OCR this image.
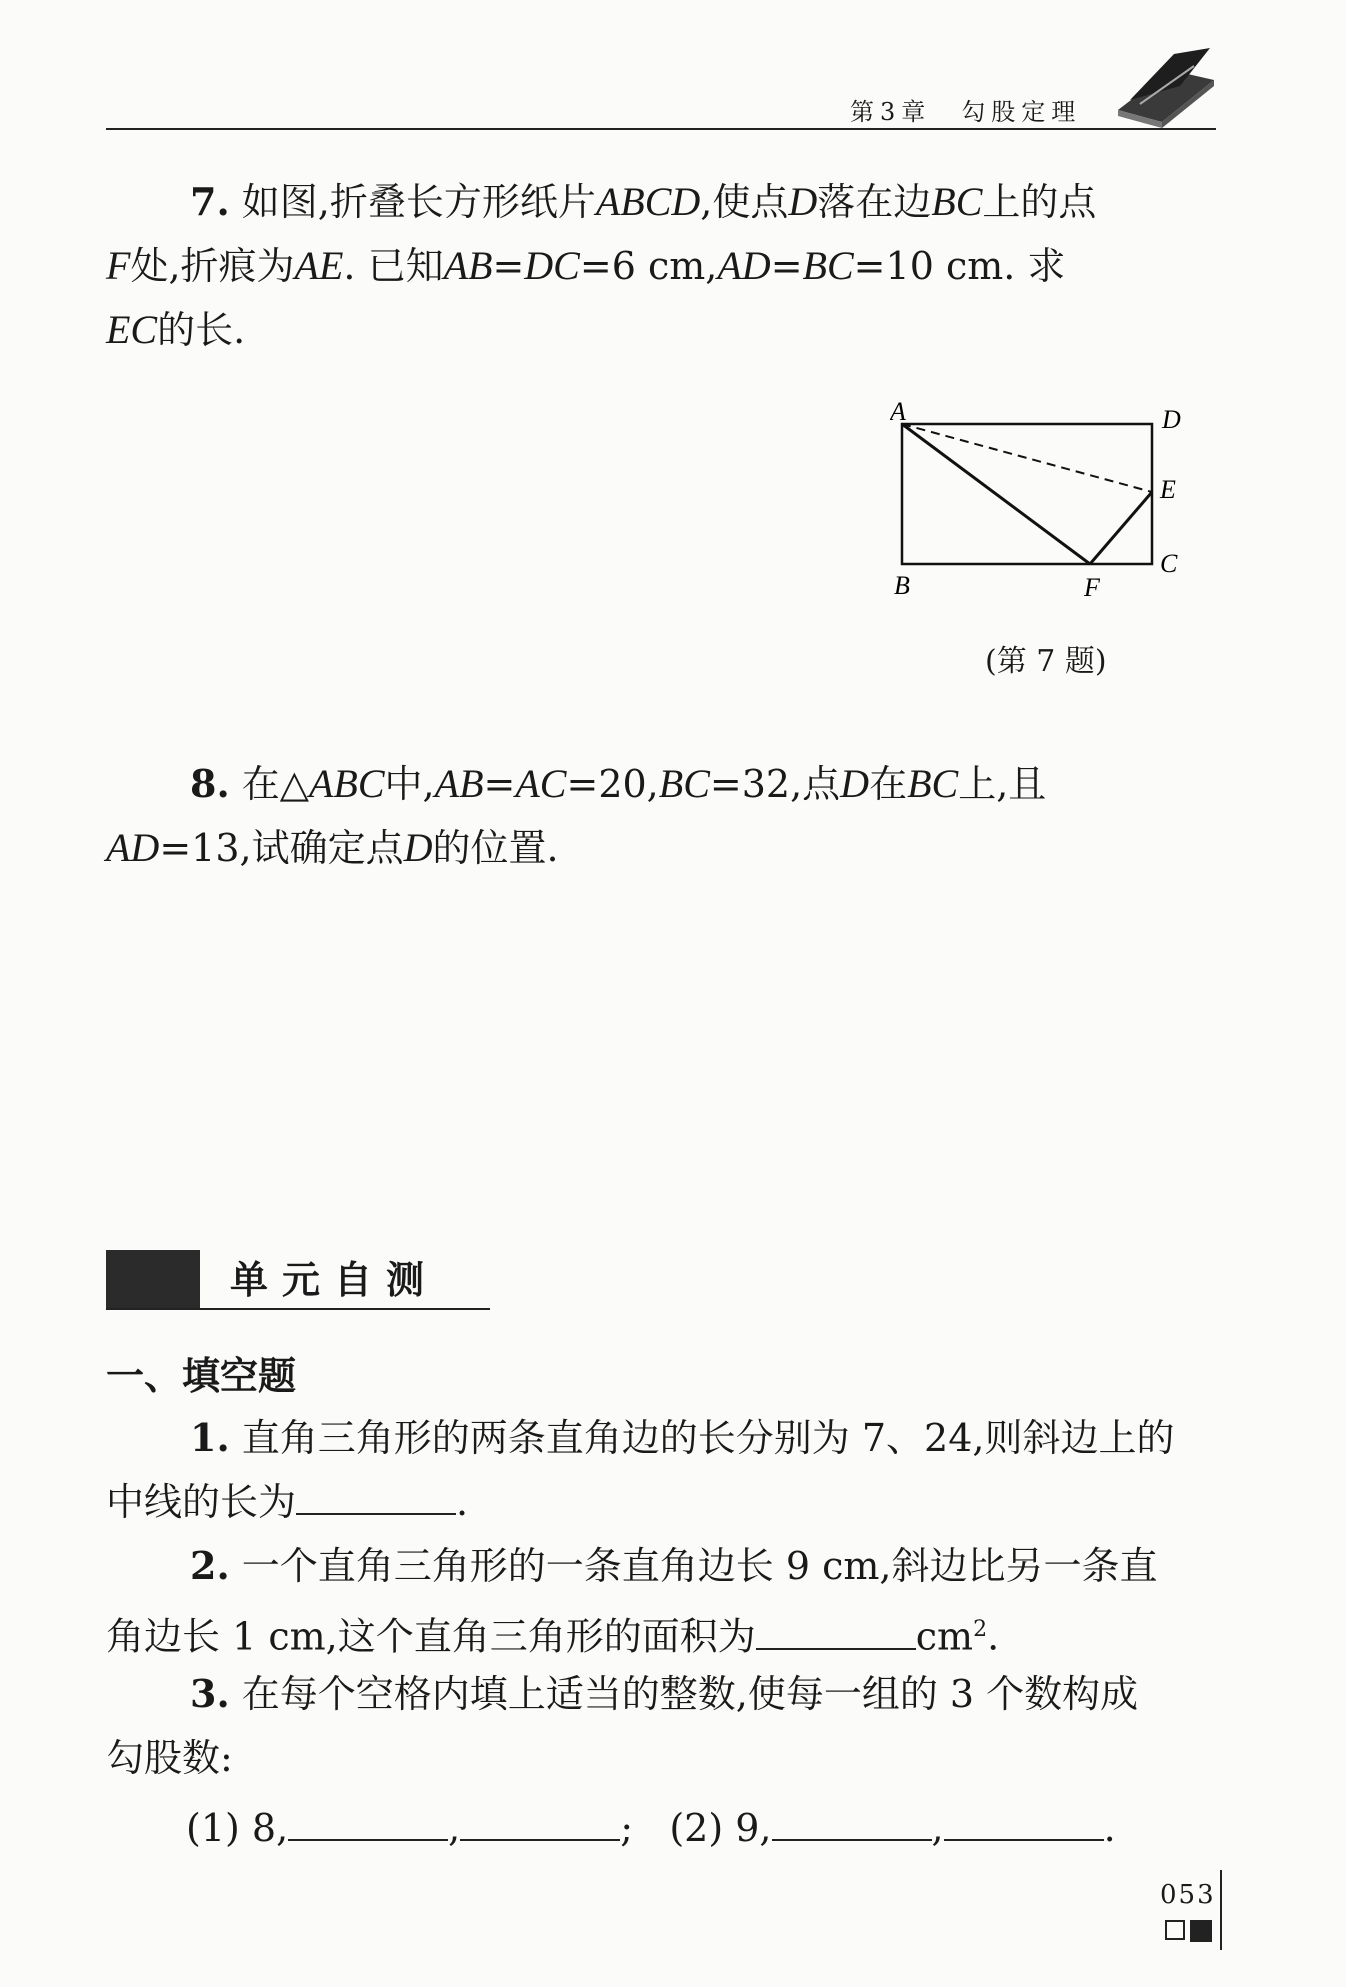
第3章　勾股定理
7. 如图,折叠长方形纸片ABCD,使点D落在边BC上的点
F处,折痕为AE. 已知AB=DC=6 cm,AD=BC=10 cm. 求
EC的长.
A	D
E
C
B	F
(第 7 题)
8. 在△ABC中,AB=AC=20,BC=32,点D在BC上,且
AD=13,试确定点D的位置.
单元自测
一、填空题
1. 直角三角形的两条直角边的长分别为 7、24,则斜边上的
中线的长为	.
2. 一个直角三角形的一条直角边长 9 cm,斜边比另一条直
角边长 1 cm,这个直角三角形的面积为	$cm^2$.
3. 在每个空格内填上适当的整数,使每一组的 3 个数构成
勾股数:
(1) 8,	,	; (2) 9,	,	.
053
